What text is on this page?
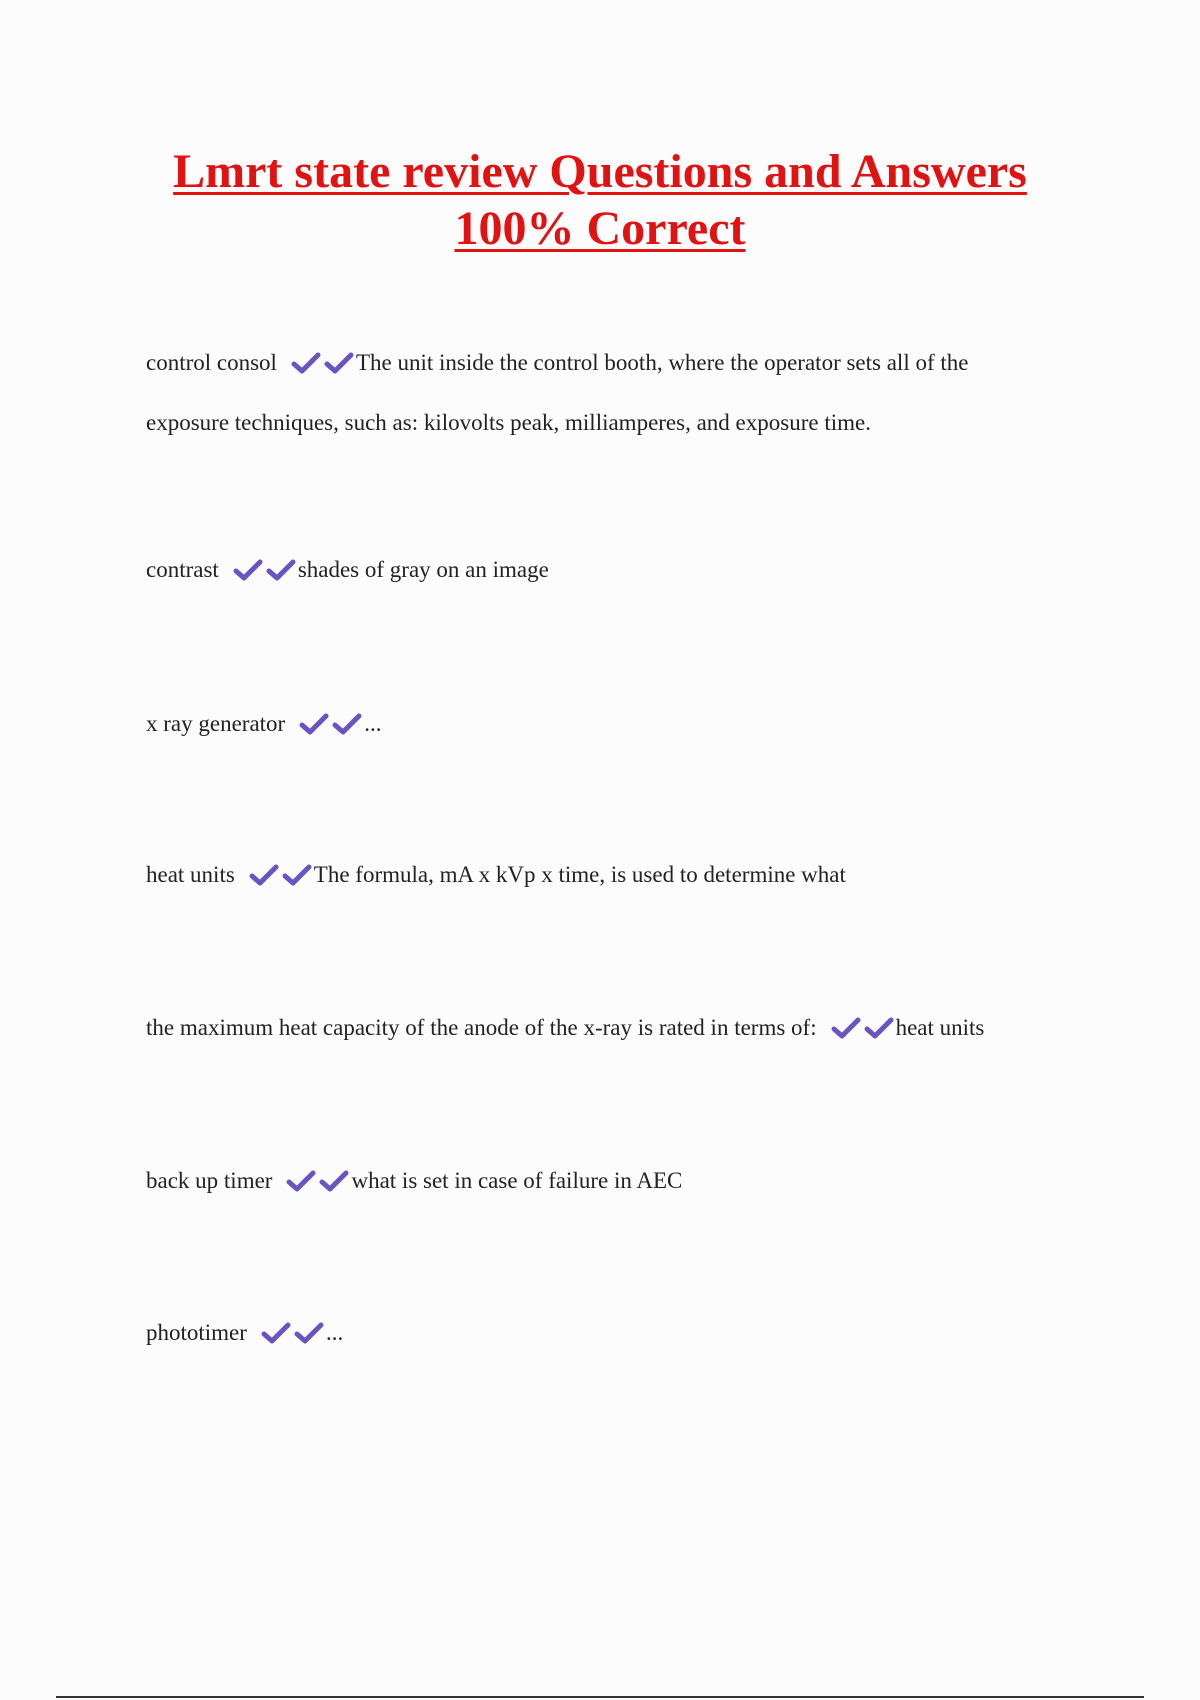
Lmrt state review Questions and Answers
100% Correct
control consol	The unit inside the control booth, where the operator sets all of the
exposure techniques, such as: kilovolts peak, milliamperes, and exposure time.
contrast	shades of gray on an image
x ray generator	...
heat units	The formula, mA x kVp x time, is used to determine what
the maximum heat capacity of the anode of the x-ray is rated in terms of:	heat units
back up timer	what is set in case of failure in AEC
phototimer	...
